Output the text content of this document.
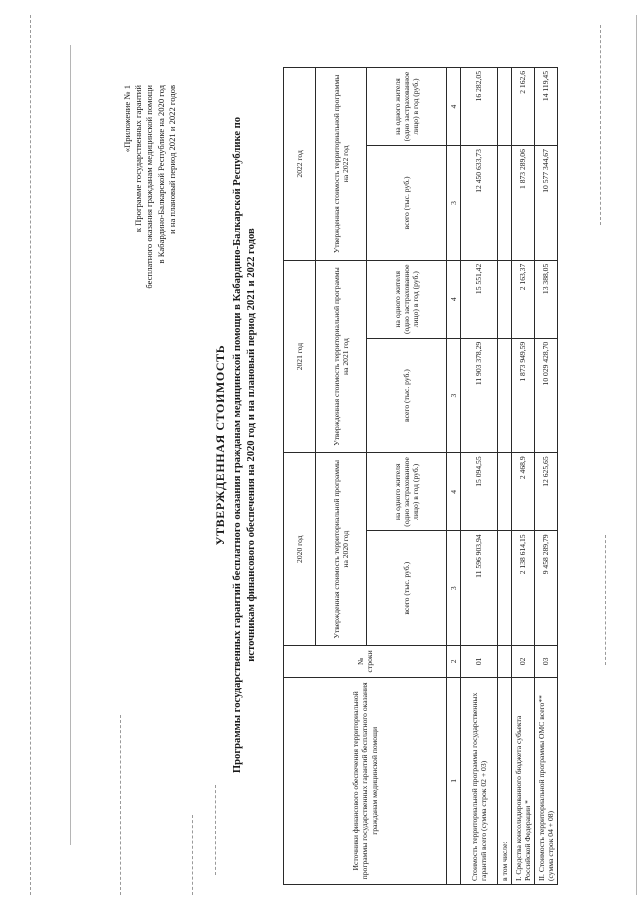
«Приложение № 1 к Программе государственных гарантий бесплатного оказания гражданам медицинской помощи в Кабардино-Балкарской Республике на 2020 год и на плановый период 2021 и 2022 годов
УТВЕРЖДЕННАЯ СТОИМОСТЬ Программы государственных гарантий бесплатного оказания гражданам медицинской помощи в Кабардино-Балкарской Республике по источникам финансового обеспечения на 2020 год и на плановый период 2021 и 2022 годов
Источники финансового обеспечения территориальной программы государственных гарантий бесплатного оказания гражданам медицинской помощи	№ строки	2020 год		2021 год		2022 год	
		Утвержденная стоимость территориальной программы на 2020 год		Утвержденная стоимость территориальной программы на 2021 год		Утвержденная стоимость территориальной программы на 2022 год	
		всего (тыс. руб.)	на одного жителя (одно застрахованное лицо) в год (руб.)	всего (тыс. руб.)	на одного жителя (одно застрахованное лицо) в год (руб.)	всего (тыс. руб.)	на одного жителя (одно застрахованное лицо) в год (руб.)
1	2	3	4	3	4	3	4
Стоимость территориальной программы государственных гарантий всего (сумма строк 02 + 03)	01	11 596 903,94	15 094,55	11 903 378,29	15 551,42	12 450 633,73	16 282,05
в том числе:							
I. Средства консолидированного бюджета субъекта Российской Федерации *	02	2 138 614,15	2 468,9	1 873 949,59	2 163,37	1 873 289,06	2 162,6
II. Стоимость территориальной программы ОМС всего** (сумма строк 04 + 08)	03	9 458 289,79	12 625,65	10 029 428,70	13 388,05	10 577 344,67	14 119,45
